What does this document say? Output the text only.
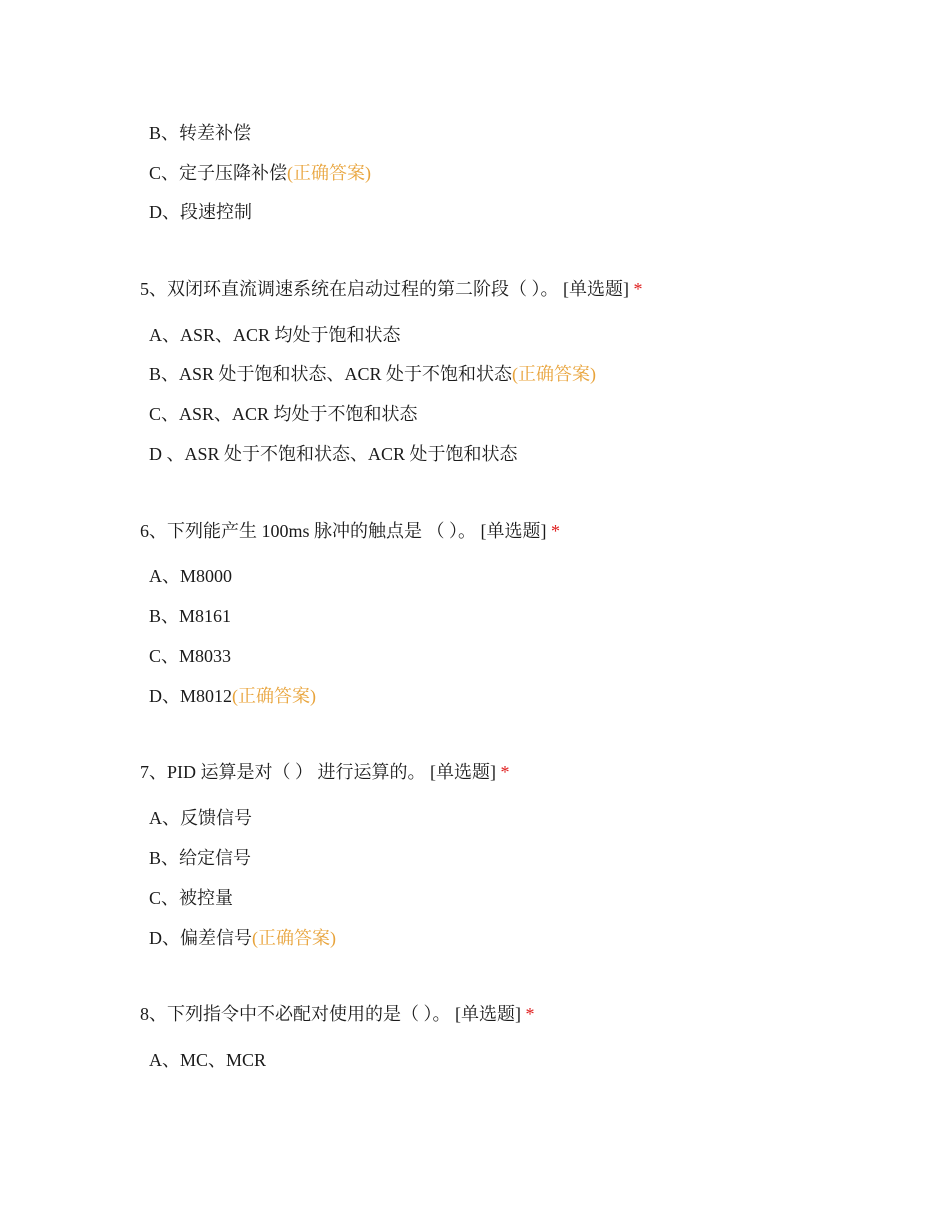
B、转差补偿
C、定子压降补偿(正确答案)
D、段速控制
5、双闭环直流调速系统在启动过程的第二阶段（ ）。 [单选题] *
A、ASR、ACR 均处于饱和状态
B、ASR 处于饱和状态、ACR 处于不饱和状态(正确答案)
C、ASR、ACR 均处于不饱和状态
D 、ASR 处于不饱和状态、ACR 处于饱和状态
6、下列能产生 100ms 脉冲的触点是 （ ）。 [单选题] *
A、M8000
B、M8161
C、M8033
D、M8012(正确答案)
7、PID 运算是对（ ） 进行运算的。 [单选题] *
A、反馈信号
B、给定信号
C、被控量
D、偏差信号(正确答案)
8、下列指令中不必配对使用的是（ ）。 [单选题] *
A、MC、MCR
